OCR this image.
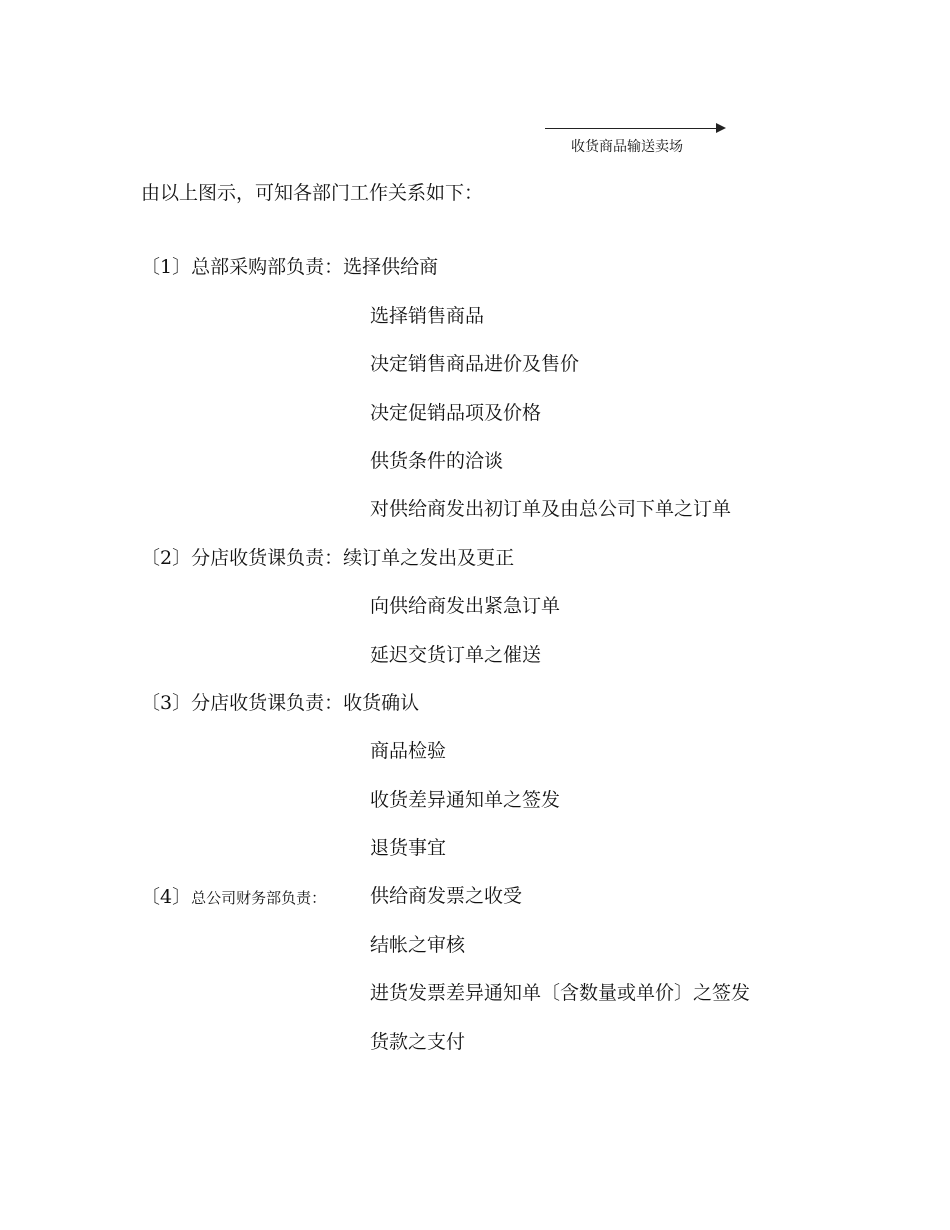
收货商品输送卖场
由以上图示，可知各部门工作关系如下：
〔1〕总部采购部负责：选择供给商
选择销售商品
决定销售商品进价及售价
决定促销品项及价格
供货条件的洽谈
对供给商发出初订单及由总公司下单之订单
〔2〕分店收货课负责：续订单之发出及更正
向供给商发出紧急订单
延迟交货订单之催送
〔3〕分店收货课负责：收货确认
商品检验
收货差异通知单之签发
退货事宜
〔4〕总公司财务部负责： 供给商发票之收受
结帐之审核
进货发票差异通知单〔含数量或单价〕之签发
货款之支付
